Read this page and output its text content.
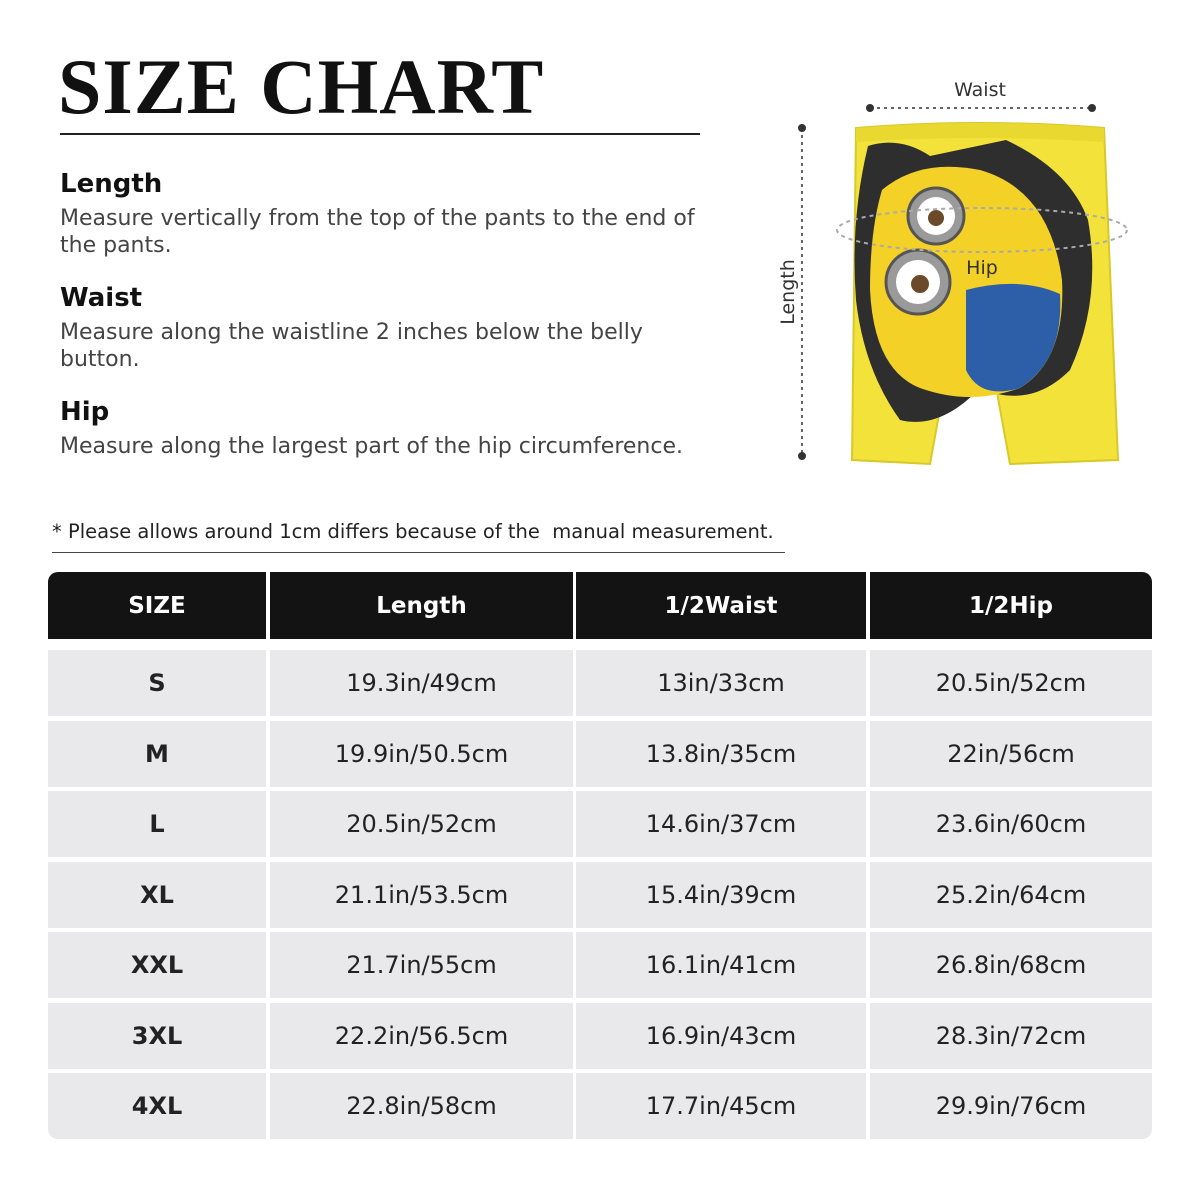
SIZE CHART
Length

Measure vertically from the top of the pants to the end of the pants.

Waist

Measure along the waistline 2 inches below the belly button.

Hip

Measure along the largest part of the hip circumference.

Waist
Length	Hip
* Please allows around 1cm differs because of the  manual measurement.
SIZE	Length	1/2Waist	1/2Hip
S	19.3in/49cm	13in/33cm	20.5in/52cm
M	19.9in/50.5cm	13.8in/35cm	22in/56cm
L	20.5in/52cm	14.6in/37cm	23.6in/60cm
XL	21.1in/53.5cm	15.4in/39cm	25.2in/64cm
XXL	21.7in/55cm	16.1in/41cm	26.8in/68cm
3XL	22.2in/56.5cm	16.9in/43cm	28.3in/72cm
4XL	22.8in/58cm	17.7in/45cm	29.9in/76cm
